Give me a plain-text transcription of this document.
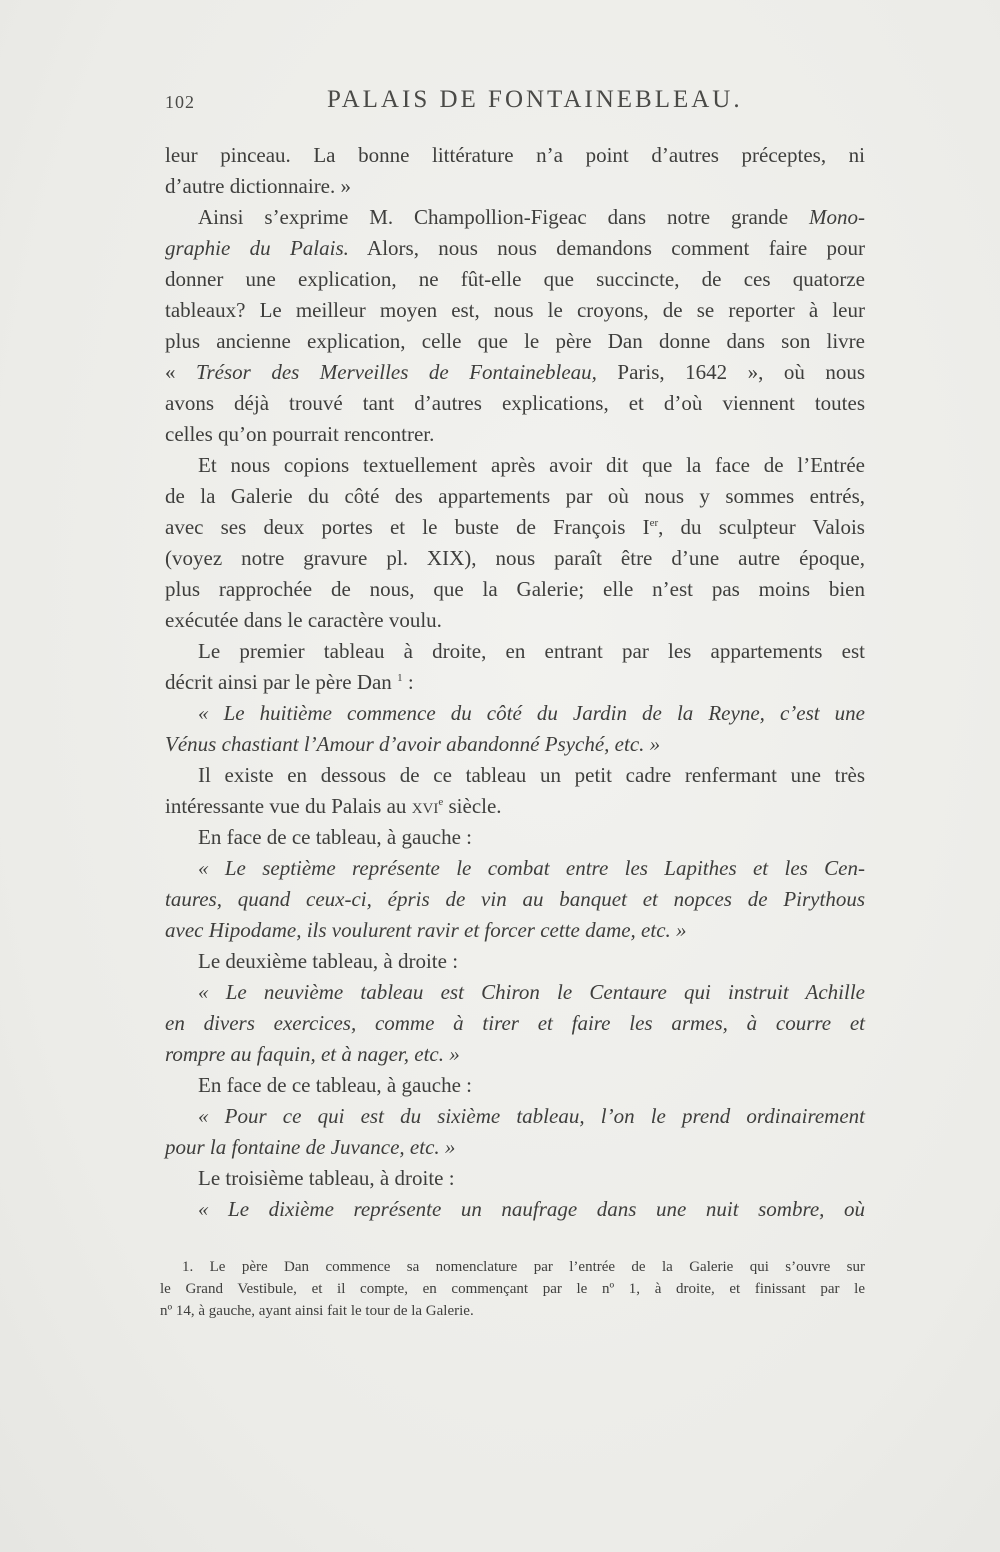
102	PALAIS DE FONTAINEBLEAU.
leur pinceau. La bonne littérature n’a point d’autres préceptes, ni
d’autre dictionnaire. »
Ainsi s’exprime M. Champollion-Figeac dans notre grande Mono-
graphie du Palais. Alors, nous nous demandons comment faire pour
donner une explication, ne fût-elle que succincte, de ces quatorze
tableaux? Le meilleur moyen est, nous le croyons, de se reporter à leur
plus ancienne explication, celle que le père Dan donne dans son livre
« Trésor des Merveilles de Fontainebleau, Paris, 1642 », où nous
avons déjà trouvé tant d’autres explications, et d’où viennent toutes
celles qu’on pourrait rencontrer.
Et nous copions textuellement après avoir dit que la face de l’Entrée
de la Galerie du côté des appartements par où nous y sommes entrés,
avec ses deux portes et le buste de François Ier, du sculpteur Valois
(voyez notre gravure pl. XIX), nous paraît être d’une autre époque,
plus rapprochée de nous, que la Galerie; elle n’est pas moins bien
exécutée dans le caractère voulu.
Le premier tableau à droite, en entrant par les appartements est
décrit ainsi par le père Dan $^1$ :
« Le huitième commence du côté du Jardin de la Reyne, c’est une
Vénus chastiant l’Amour d’avoir abandonné Psyché, etc. »
Il existe en dessous de ce tableau un petit cadre renfermant une très
intéressante vue du Palais au xvi$^e$ siècle.
En face de ce tableau, à gauche :
« Le septième représente le combat entre les Lapithes et les Cen-
taures, quand ceux-ci, épris de vin au banquet et nopces de Pirythous
avec Hipodame, ils voulurent ravir et forcer cette dame, etc. »
Le deuxième tableau, à droite :
« Le neuvième tableau est Chiron le Centaure qui instruit Achille
en divers exercices, comme à tirer et faire les armes, à courre et
rompre au faquin, et à nager, etc. »
En face de ce tableau, à gauche :
« Pour ce qui est du sixième tableau, l’on le prend ordinairement
pour la fontaine de Juvance, etc. »
Le troisième tableau, à droite :
« Le dixième représente un naufrage dans une nuit sombre, où
1. Le père Dan commence sa nomenclature par l’entrée de la Galerie qui s’ouvre sur
le Grand Vestibule, et il compte, en commençant par le nº 1, à droite, et finissant par le
nº 14, à gauche, ayant ainsi fait le tour de la Galerie.
